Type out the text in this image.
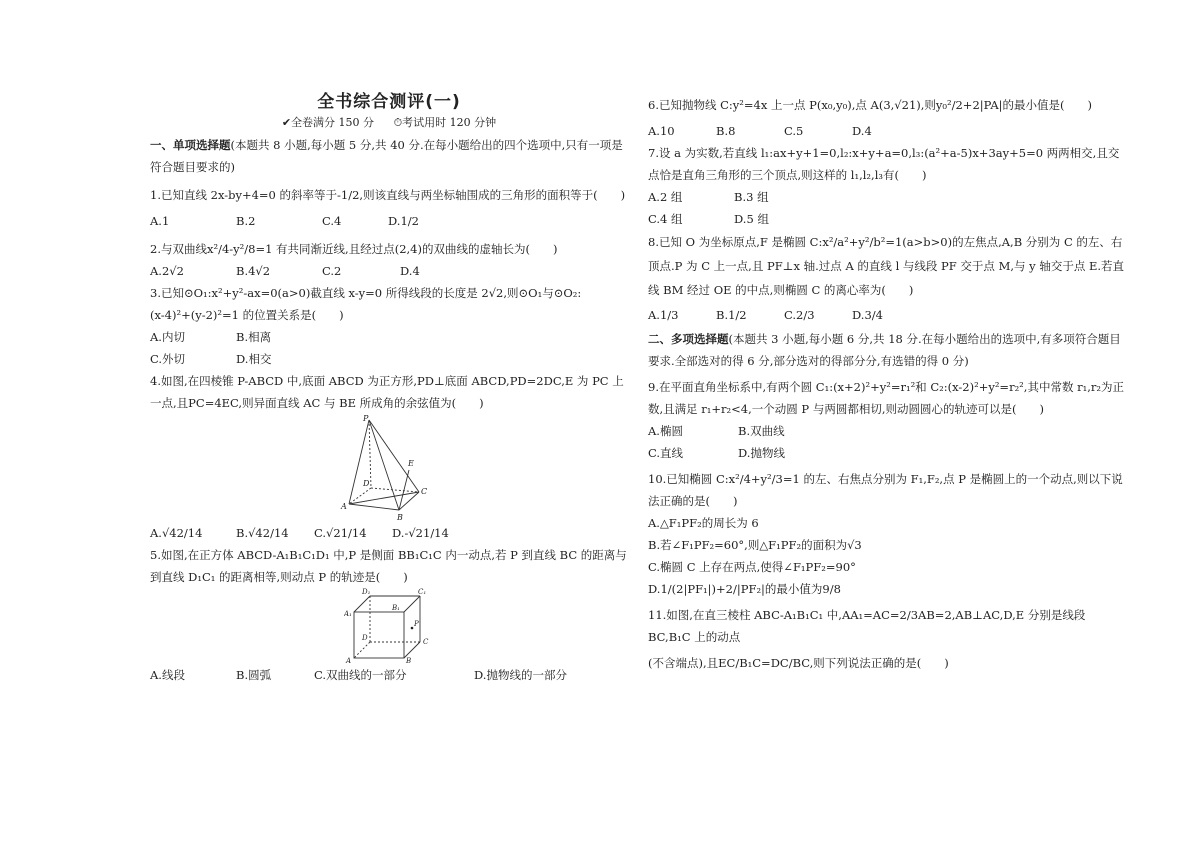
全书综合测评(一)
✔全卷满分 150 分 ⏱考试用时 120 分钟

一、单项选择题(本题共 8 小题,每小题 5 分,共 40 分.在每小题给出的四个选项中,只有一项是符合题目要求的)

1.已知直线 2x-by+4=0 的斜率等于-1/2,则该直线与两坐标轴围成的三角形的面积等于(　　)

A.1	B.2	C.4	D.1/2

2.与双曲线x²/4-y²/8=1 有共同渐近线,且经过点(2,4)的双曲线的虚轴长为(　　)

A.2√2	B.4√2	C.2	D.4

3.已知⊙O₁:x²+y²-ax=0(a>0)截直线 x-y=0 所得线段的长度是 2√2,则⊙O₁与⊙O₂:

(x-4)²+(y-2)²=1 的位置关系是(　　)

A.内切	B.相离
C.外切	D.相交

4.如图,在四棱锥 P-ABCD 中,底面 ABCD 为正方形,PD⊥底面 ABCD,PD=2DC,E 为 PC 上一点,且PC=4EC,则异面直线 AC 与 BE 所成角的余弦值为(　　)

P
E
D
C
A
B
A.√42/14	B.√42/14	C.√21/14	D.-√21/14

5.如图,在正方体 ABCD-A₁B₁C₁D₁ 中,P 是侧面 BB₁C₁C 内一动点,若 P 到直线 BC 的距离与到直线 D₁C₁ 的距离相等,则动点 P 的轨迹是(　　)

D₁	C₁
A₁
B₁
P
D	C
A	B
A.线段	B.圆弧	C.双曲线的一部分	D.抛物线的一部分

6.已知抛物线 C:y²=4x 上一点 P(x₀,y₀),点 A(3,√21),则y₀²/2+2|PA|的最小值是(　　)

A.10	B.8	C.5	D.4

7.设 a 为实数,若直线 l₁:ax+y+1=0,l₂:x+y+a=0,l₃:(a²+a-5)x+3ay+5=0 两两相交,且交点恰是直角三角形的三个顶点,则这样的 l₁,l₂,l₃有(　　)

A.2 组	B.3 组
C.4 组	D.5 组

8.已知 O 为坐标原点,F 是椭圆 C:x²/a²+y²/b²=1(a>b>0)的左焦点,A,B 分别为 C 的左、右顶点.P 为 C 上一点,且 PF⊥x 轴.过点 A 的直线 l 与线段 PF 交于点 M,与 y 轴交于点 E.若直线 BM 经过 OE 的中点,则椭圆 C 的离心率为(　　)

A.1/3	B.1/2	C.2/3	D.3/4

二、多项选择题(本题共 3 小题,每小题 6 分,共 18 分.在每小题给出的选项中,有多项符合题目要求.全部选对的得 6 分,部分选对的得部分分,有选错的得 0 分)

9.在平面直角坐标系中,有两个圆 C₁:(x+2)²+y²=r₁²和 C₂:(x-2)²+y²=r₂²,其中常数 r₁,r₂为正数,且满足 r₁+r₂<4,一个动圆 P 与两圆都相切,则动圆圆心的轨迹可以是(　　)

A.椭圆	B.双曲线
C.直线	D.抛物线

10.已知椭圆 C:x²/4+y²/3=1 的左、右焦点分别为 F₁,F₂,点 P 是椭圆上的一个动点,则以下说法正确的是(　　)

A.△F₁PF₂的周长为 6

B.若∠F₁PF₂=60°,则△F₁PF₂的面积为√3

C.椭圆 C 上存在两点,使得∠F₁PF₂=90°

D.1/(2|PF₁|)+2/|PF₂|的最小值为9/8

11.如图,在直三棱柱 ABC-A₁B₁C₁ 中,AA₁=AC=2/3AB=2,AB⊥AC,D,E 分别是线段 BC,B₁C 上的动点

(不含端点),且EC/B₁C=DC/BC,则下列说法正确的是(　　)
